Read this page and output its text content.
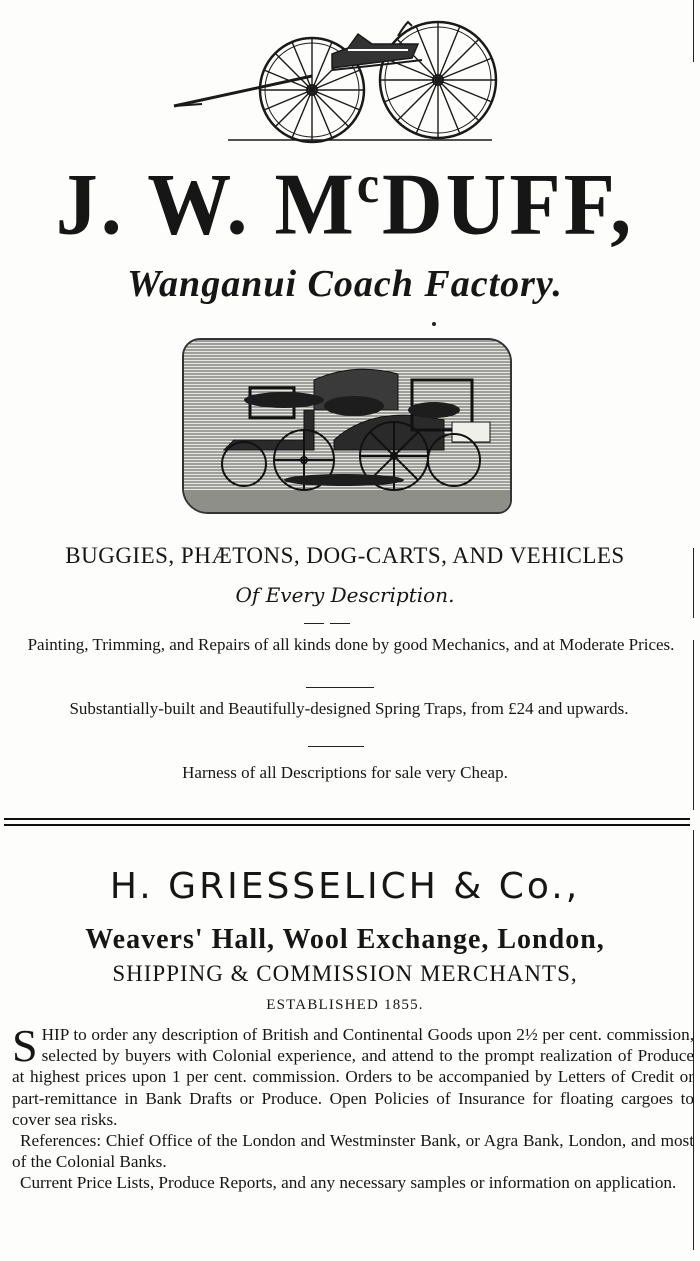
J. W. $M^cDUFF$,
Wanganui Coach Factory.
BUGGIES, PHÆTONS, DOG-CARTS, AND VEHICLES
Of Every Description.
Painting, Trimming, and Repairs of all kinds done by good Mechanics, and at Moderate Prices.
Substantially-built and Beautifully-designed Spring Traps, from £24 and upwards.
Harness of all Descriptions for sale very Cheap.
H. GRIESSELICH & Co.,
Weavers' Hall, Wool Exchange, London,
SHIPPING & COMMISSION MERCHANTS,
ESTABLISHED 1855.

SHIP to order any description of British and Continental Goods upon 2½ per cent. commission, selected by buyers with Colonial experience, and attend to the prompt realization of Produce at highest prices upon 1 per cent. commission. Orders to be accompanied by Letters of Credit or part-remittance in Bank Drafts or Produce. Open Policies of Insurance for floating cargoes to cover sea risks.

References: Chief Office of the London and Westminster Bank, or Agra Bank, London, and most of the Colonial Banks.

Current Price Lists, Produce Reports, and any necessary samples or information on application.
